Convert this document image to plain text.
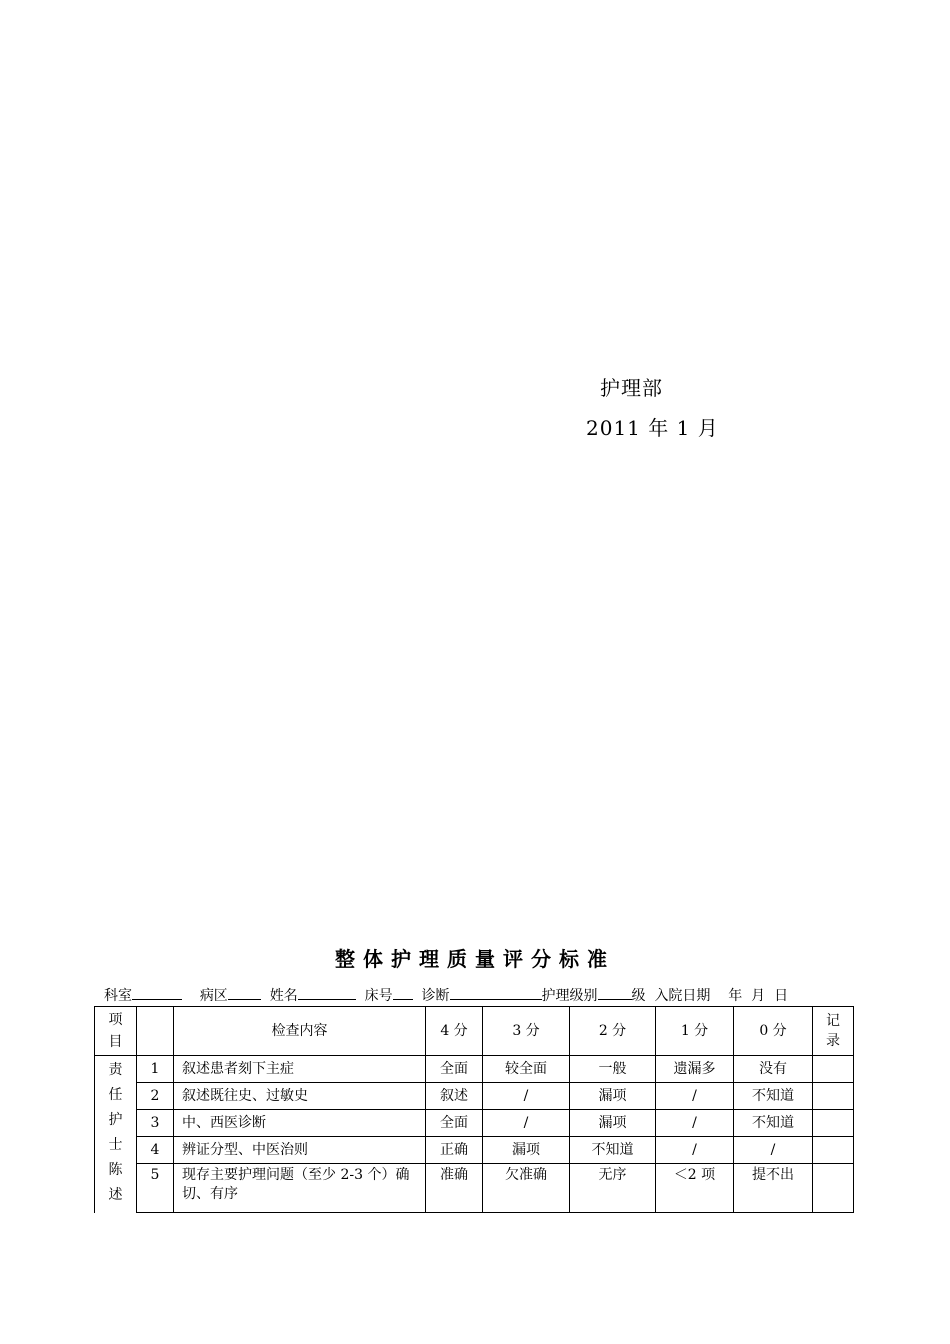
护理部
2011 年 1 月
整体护理质量评分标准
科室	病区	姓名	床号 诊断	护理级别 级 入院日期 年 月 日
项目		检查内容	4 分	3 分	2 分	1 分	0 分	记录
责任护士陈述	1	叙述患者刻下主症	全面	较全面	一般	遗漏多	没有	
	2	叙述既往史、过敏史	叙述	/	漏项	/	不知道	
	3	中、西医诊断	全面	/	漏项	/	不知道	
	4	辨证分型、中医治则	正确	漏项	不知道	/	/	
	5	现存主要护理问题（至少 2-3 个）确切、有序	准确	欠准确	无序	＜2 项	提不出	
